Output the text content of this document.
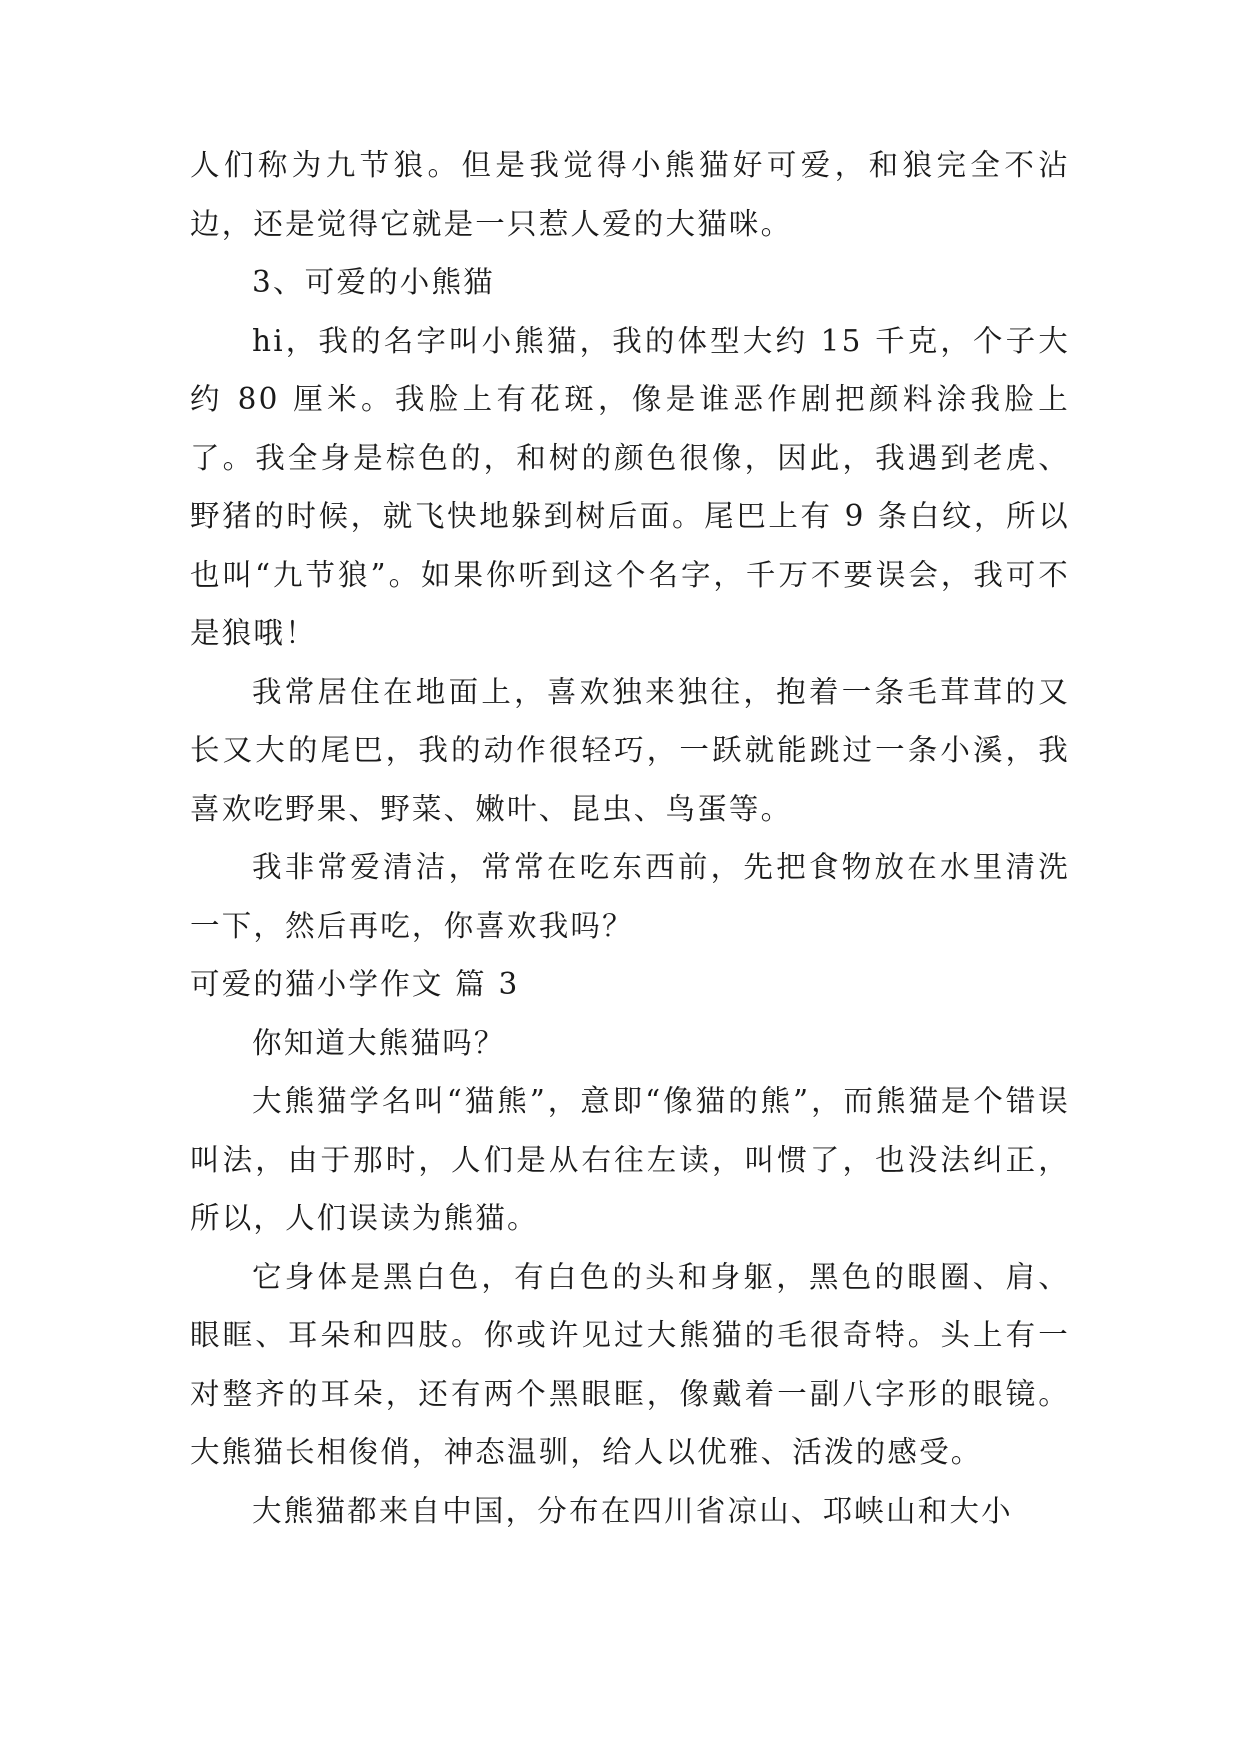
人们称为九节狼。但是我觉得小熊猫好可爱，和狼完全不沾边，还是觉得它就是一只惹人爱的大猫咪。

3、可爱的小熊猫

hi，我的名字叫小熊猫，我的体型大约 15 千克，个子大约 80 厘米。我脸上有花斑，像是谁恶作剧把颜料涂我脸上了。我全身是棕色的，和树的颜色很像，因此，我遇到老虎、野猪的时候，就飞快地躲到树后面。尾巴上有 9 条白纹，所以也叫“九节狼”。如果你听到这个名字，千万不要误会，我可不是狼哦！

我常居住在地面上，喜欢独来独往，抱着一条毛茸茸的又长又大的尾巴，我的动作很轻巧，一跃就能跳过一条小溪，我喜欢吃野果、野菜、嫩叶、昆虫、鸟蛋等。

我非常爱清洁，常常在吃东西前，先把食物放在水里清洗一下，然后再吃，你喜欢我吗？

可爱的猫小学作文 篇 3

你知道大熊猫吗？

大熊猫学名叫“猫熊”，意即“像猫的熊”，而熊猫是个错误叫法，由于那时，人们是从右往左读，叫惯了，也没法纠正，所以，人们误读为熊猫。

它身体是黑白色，有白色的头和身躯，黑色的眼圈、肩、眼眶、耳朵和四肢。你或许见过大熊猫的毛很奇特。头上有一对整齐的耳朵，还有两个黑眼眶，像戴着一副八字形的眼镜。大熊猫长相俊俏，神态温驯，给人以优雅、活泼的感受。

大熊猫都来自中国，分布在四川省凉山、邛峡山和大小
